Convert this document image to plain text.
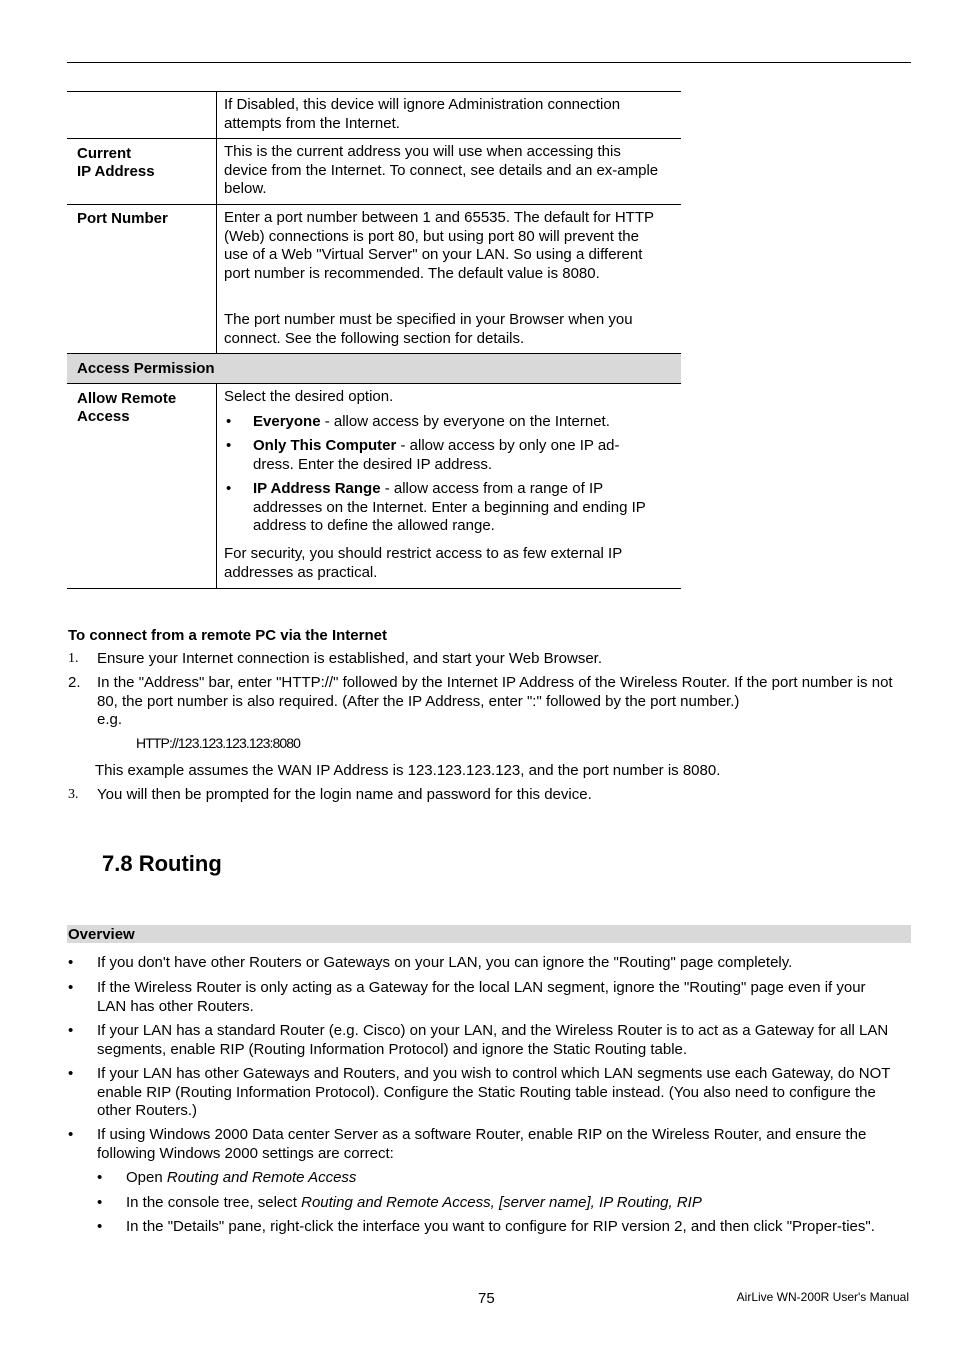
If Disabled, this device will ignore Administration connection attempts from the Internet.

Current
IP Address

This is the current address you will use when accessing this device from the Internet. To connect, see details and an ex-ample below.

Port Number	Enter a port number between 1 and 65535. The default for HTTP (Web) connections is port 80, but using port 80 will prevent the use of a Web "Virtual Server" on your LAN. So using a different port number is recommended. The default value is 8080.

The port number must be specified in your Browser when you connect. See the following section for details.

Access Permission
Allow Remote
Access

Select the desired option.

• Everyone - allow access by everyone on the Internet.

• Only This Computer - allow access by only one IP ad-dress. Enter the desired IP address.

• IP Address Range - allow access from a range of IP addresses on the Internet. Enter a beginning and ending IP address to define the allowed range.

For security, you should restrict access to as few external IP addresses as practical.

To connect from a remote PC via the Internet
1. Ensure your Internet connection is established, and start your Web Browser.

2. In the "Address" bar, enter "HTTP://" followed by the Internet IP Address of the Wireless Router. If the port number is not 80, the port number is also required. (After the IP Address, enter ":" followed by the port number.)

e.g.

HTTP://123.123.123.123:8080

This example assumes the WAN IP Address is 123.123.123.123, and the port number is 8080.

3. You will then be prompted for the login name and password for this device.

7.8 Routing
Overview
• If you don't have other Routers or Gateways on your LAN, you can ignore the "Routing" page completely.

• If the Wireless Router is only acting as a Gateway for the local LAN segment, ignore the "Routing" page even if your LAN has other Routers.

• If your LAN has a standard Router (e.g. Cisco) on your LAN, and the Wireless Router is to act as a Gateway for all LAN segments, enable RIP (Routing Information Protocol) and ignore the Static Routing table.

• If your LAN has other Gateways and Routers, and you wish to control which LAN segments use each Gateway, do NOT enable RIP (Routing Information Protocol). Configure the Static Routing table instead. (You also need to configure the other Routers.)

• If using Windows 2000 Data center Server as a software Router, enable RIP on the Wireless Router, and ensure the following Windows 2000 settings are correct:

• Open Routing and Remote Access

• In the console tree, select Routing and Remote Access, [server name], IP Routing, RIP

• In the "Details" pane, right-click the interface you want to configure for RIP version 2, and then click "Proper-ties".

75	AirLive WN-200R User's Manual
